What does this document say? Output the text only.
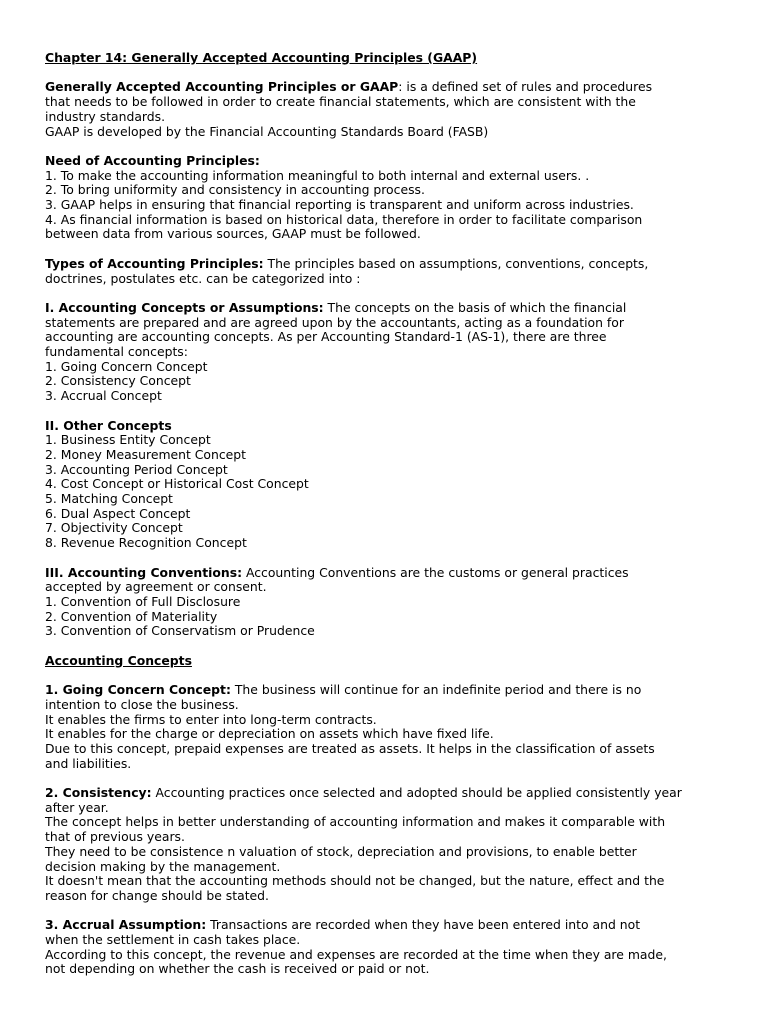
Chapter 14: Generally Accepted Accounting Principles (GAAP)
Generally Accepted Accounting Principles or GAAP: is a defined set of rules and procedures
that needs to be followed in order to create financial statements, which are consistent with the
industry standards.
GAAP is developed by the Financial Accounting Standards Board (FASB)
Need of Accounting Principles:
1. To make the accounting information meaningful to both internal and external users. .
2. To bring uniformity and consistency in accounting process.
3. GAAP helps in ensuring that financial reporting is transparent and uniform across industries.
4. As financial information is based on historical data, therefore in order to facilitate comparison
between data from various sources, GAAP must be followed.
Types of Accounting Principles: The principles based on assumptions, conventions, concepts,
doctrines, postulates etc. can be categorized into :
I. Accounting Concepts or Assumptions: The concepts on the basis of which the financial
statements are prepared and are agreed upon by the accountants, acting as a foundation for
accounting are accounting concepts. As per Accounting Standard-1 (AS-1), there are three
fundamental concepts:
1. Going Concern Concept
2. Consistency Concept
3. Accrual Concept
II. Other Concepts
1. Business Entity Concept
2. Money Measurement Concept
3. Accounting Period Concept
4. Cost Concept or Historical Cost Concept
5. Matching Concept
6. Dual Aspect Concept
7. Objectivity Concept
8. Revenue Recognition Concept
III. Accounting Conventions: Accounting Conventions are the customs or general practices
accepted by agreement or consent.
1. Convention of Full Disclosure
2. Convention of Materiality
3. Convention of Conservatism or Prudence
Accounting Concepts
1. Going Concern Concept: The business will continue for an indefinite period and there is no
intention to close the business.
It enables the firms to enter into long-term contracts.
It enables for the charge or depreciation on assets which have fixed life.
Due to this concept, prepaid expenses are treated as assets. It helps in the classification of assets
and liabilities.
2. Consistency: Accounting practices once selected and adopted should be applied consistently year
after year.
The concept helps in better understanding of accounting information and makes it comparable with
that of previous years.
They need to be consistence n valuation of stock, depreciation and provisions, to enable better
decision making by the management.
It doesn't mean that the accounting methods should not be changed, but the nature, effect and the
reason for change should be stated.
3. Accrual Assumption: Transactions are recorded when they have been entered into and not
when the settlement in cash takes place.
According to this concept, the revenue and expenses are recorded at the time when they are made,
not depending on whether the cash is received or paid or not.
